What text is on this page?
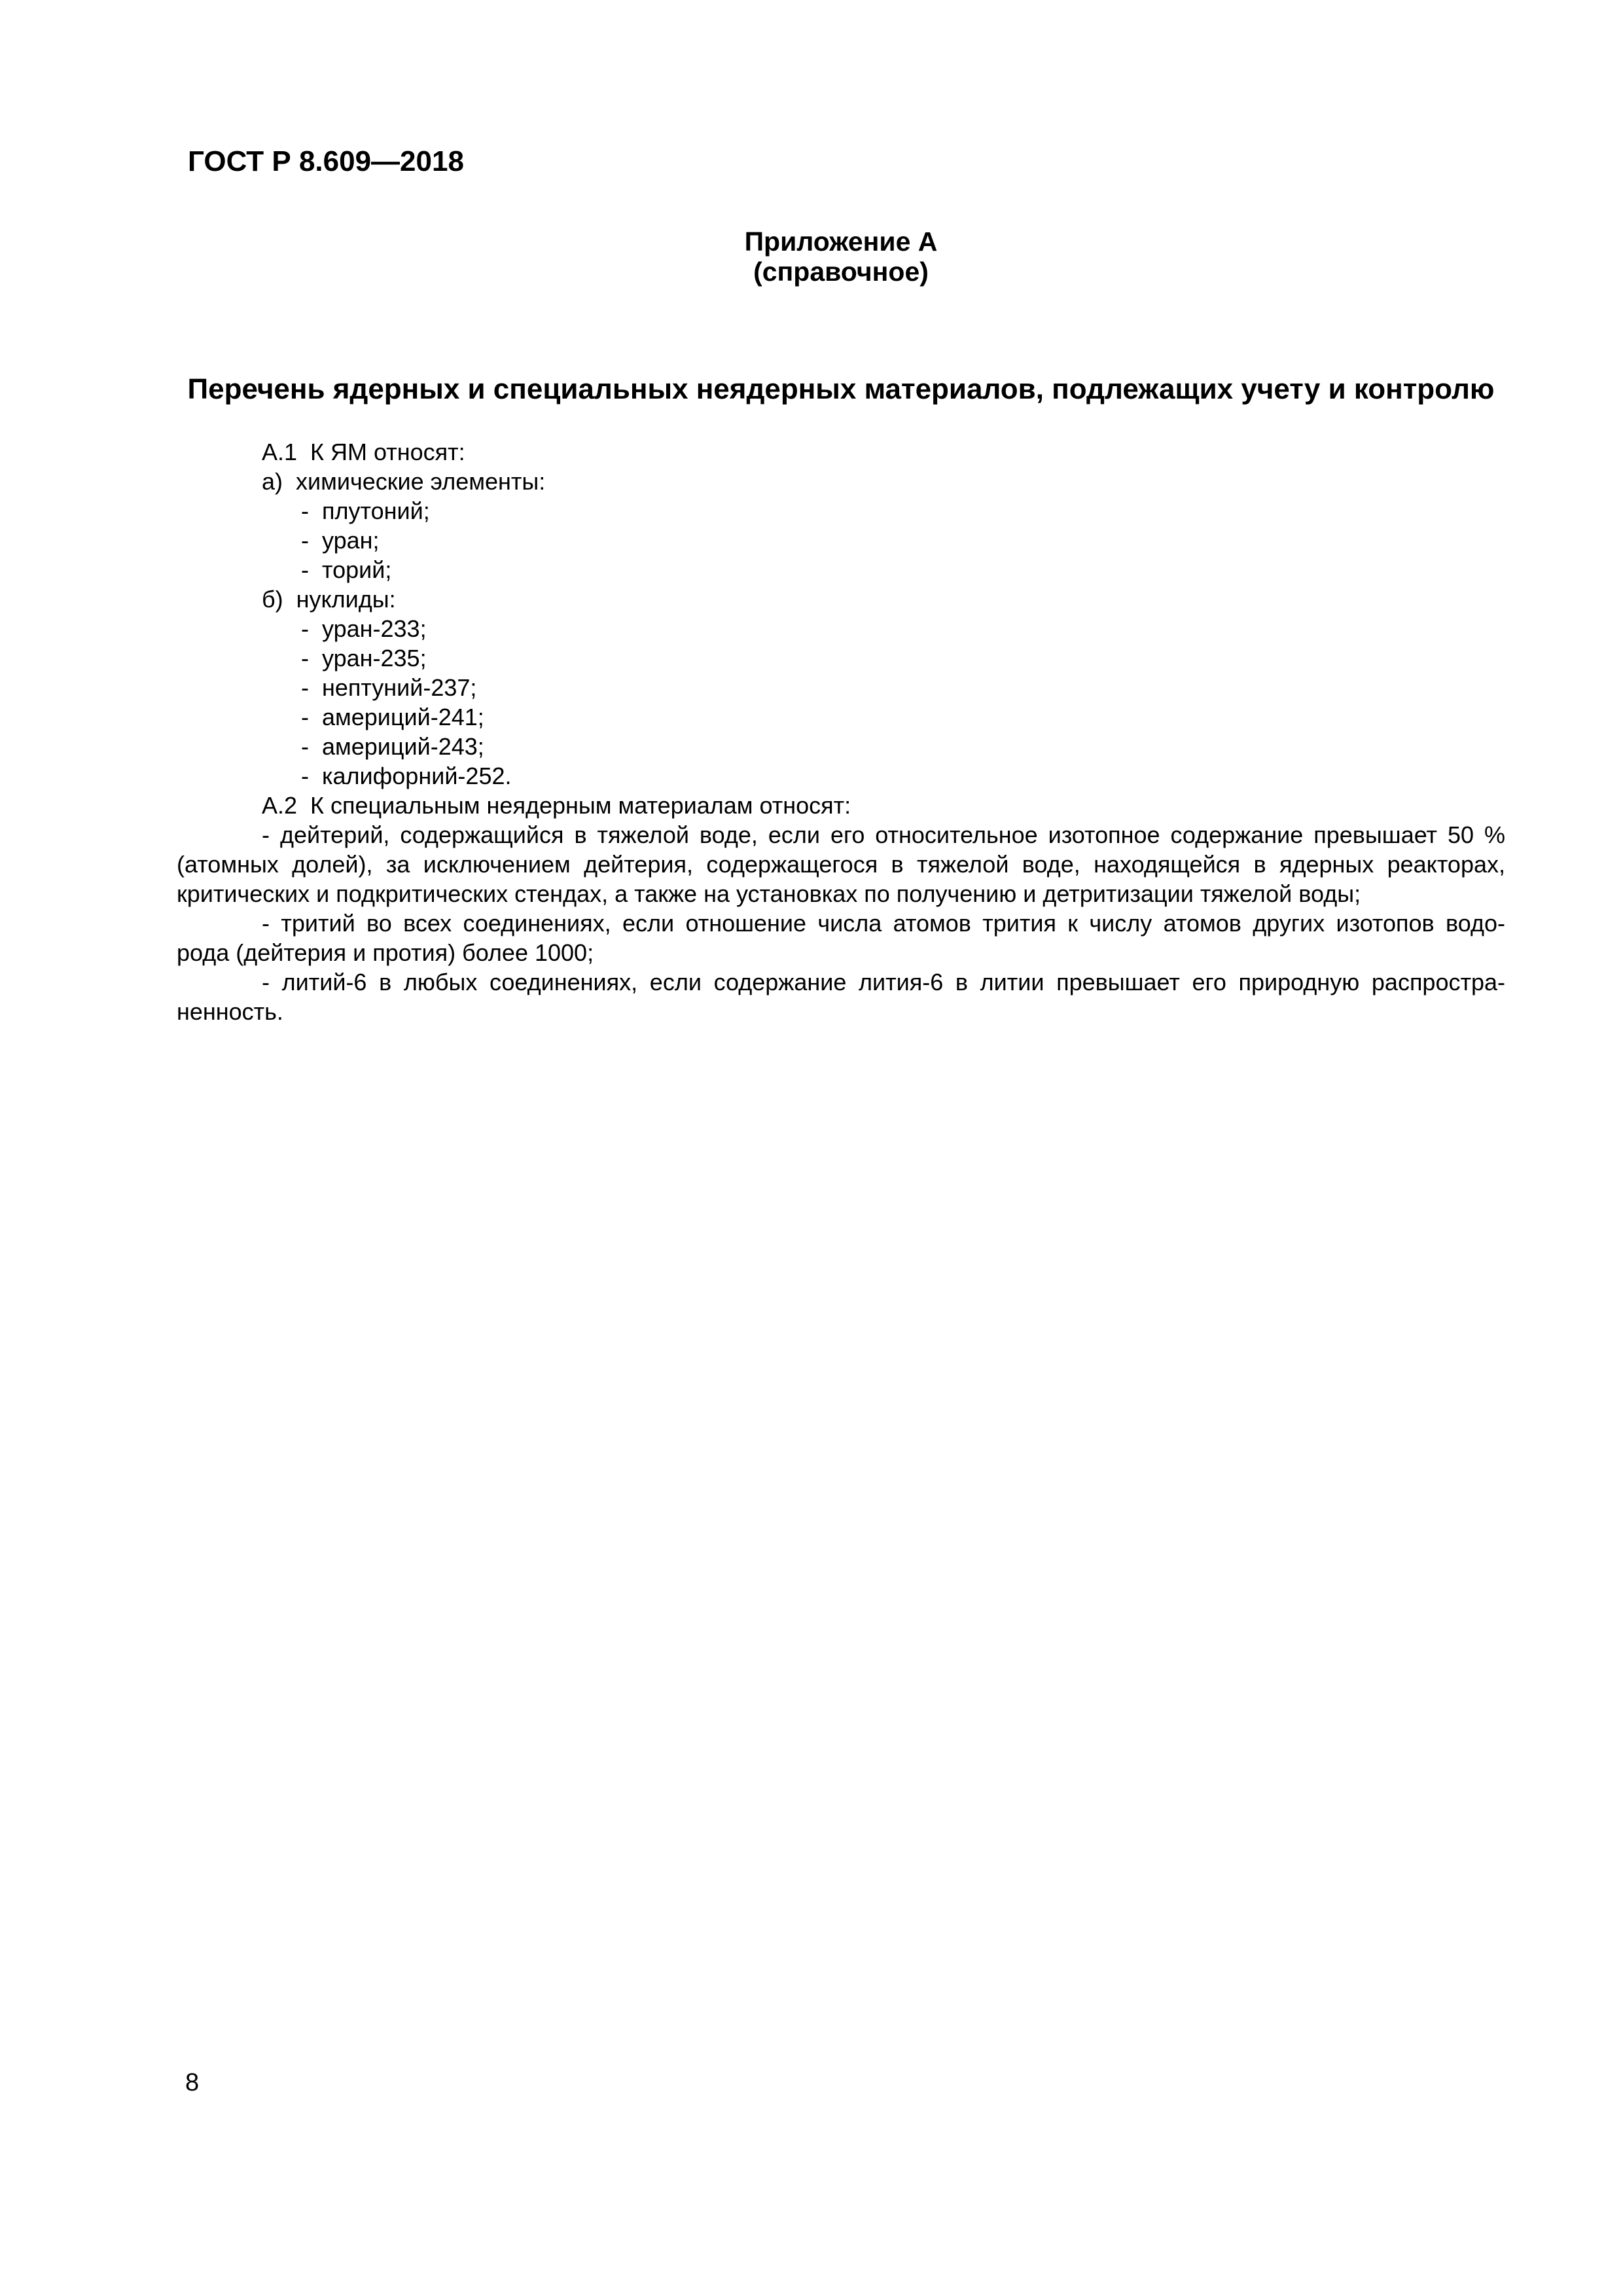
ГОСТ Р 8.609—2018
Приложение А
(справочное)
Перечень ядерных и специальных неядерных материалов, подлежащих учету и контролю
А.1  К ЯМ относят:
а)  химические элементы:
-  плутоний;
-  уран;
-  торий;
б)  нуклиды:
-  уран-233;
-  уран-235;
-  нептуний-237;
-  америций-241;
-  америций-243;
-  калифорний-252.
А.2  К специальным неядерным материалам относят:
- дейтерий, содержащийся в тяжелой воде, если его относительное изотопное содержание превышает 50 %
(атомных долей), за исключением дейтерия, содержащегося в тяжелой воде, находящейся в ядерных реакторах,
критических и подкритических стендах, а также на установках по получению и детритизации тяжелой воды;
- тритий во всех соединениях, если отношение числа атомов трития к числу атомов других изотопов водо-
рода (дейтерия и протия) более 1000;
- литий-6 в любых соединениях, если содержание лития-6 в литии превышает его природную распростра-
ненность.
8
